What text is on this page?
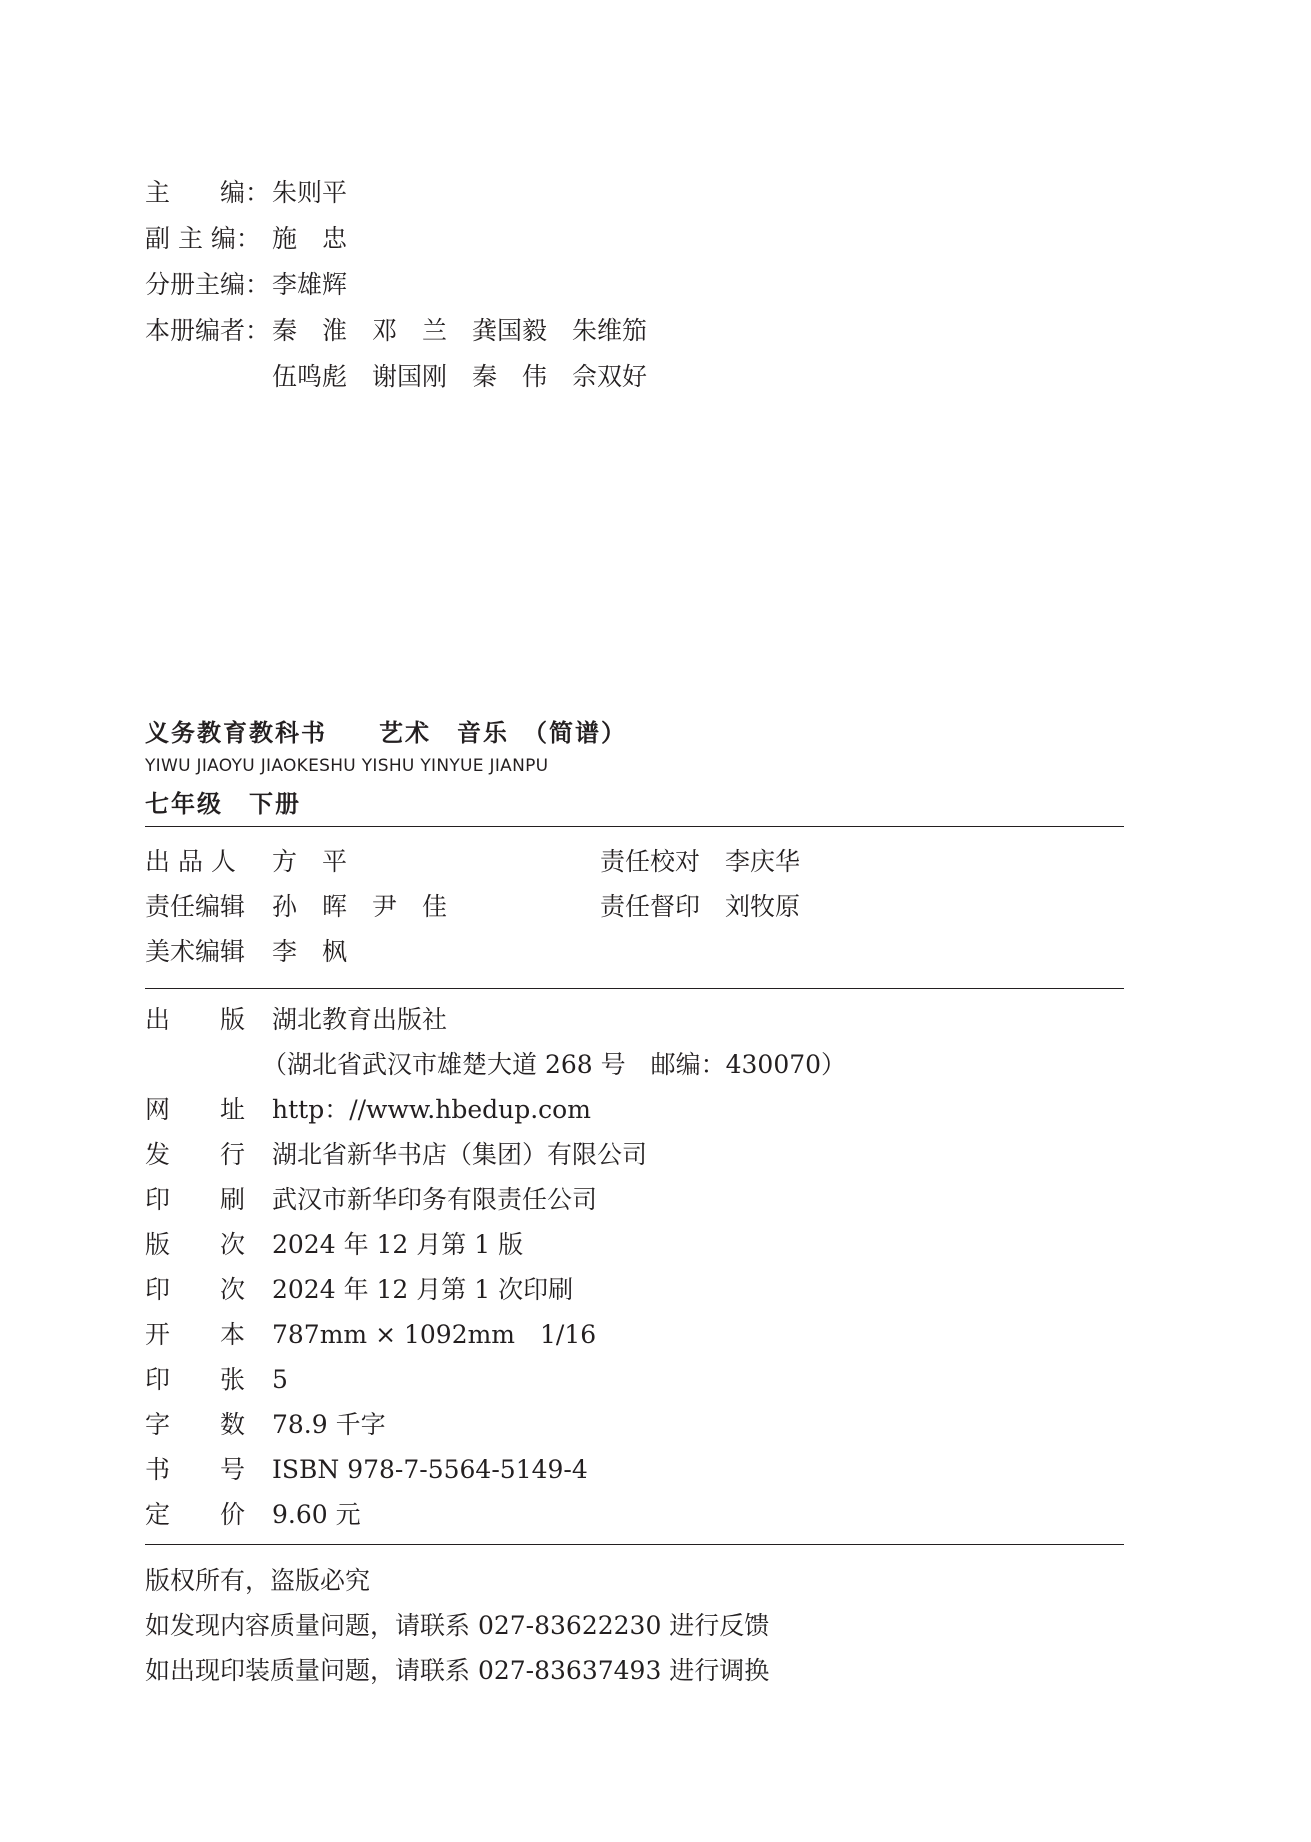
主　　编： 朱则平
副 主 编： 施　忠
分册主编： 李雄辉
本册编者： 秦　淮　邓　兰　龚国毅　朱维笳
伍鸣彪　谢国刚　秦　伟　佘双好
义务教育教科书　　艺术　音乐　（简谱）
YIWU JIAOYU JIAOKESHU YISHU YINYUE JIANPU
七年级　下册
出 品 人 方　平
责任编辑 孙　晖　尹　佳
美术编辑 李　枫
责任校对 李庆华
责任督印 刘牧原
出　　版 湖北教育出版社
（湖北省武汉市雄楚大道 268 号　邮编：430070）
网　　址 http：//www.hbedup.com
发　　行 湖北省新华书店（集团）有限公司
印　　刷 武汉市新华印务有限责任公司
版　　次 2024 年 12 月第 1 版
印　　次 2024 年 12 月第 1 次印刷
开　　本 787mm × 1092mm　1/16
印　　张 5
字　　数 78.9 千字
书　　号 ISBN 978-7-5564-5149-4
定　　价 9.60 元
版权所有，盗版必究
如发现内容质量问题，请联系 027-83622230 进行反馈
如出现印装质量问题，请联系 027-83637493 进行调换
